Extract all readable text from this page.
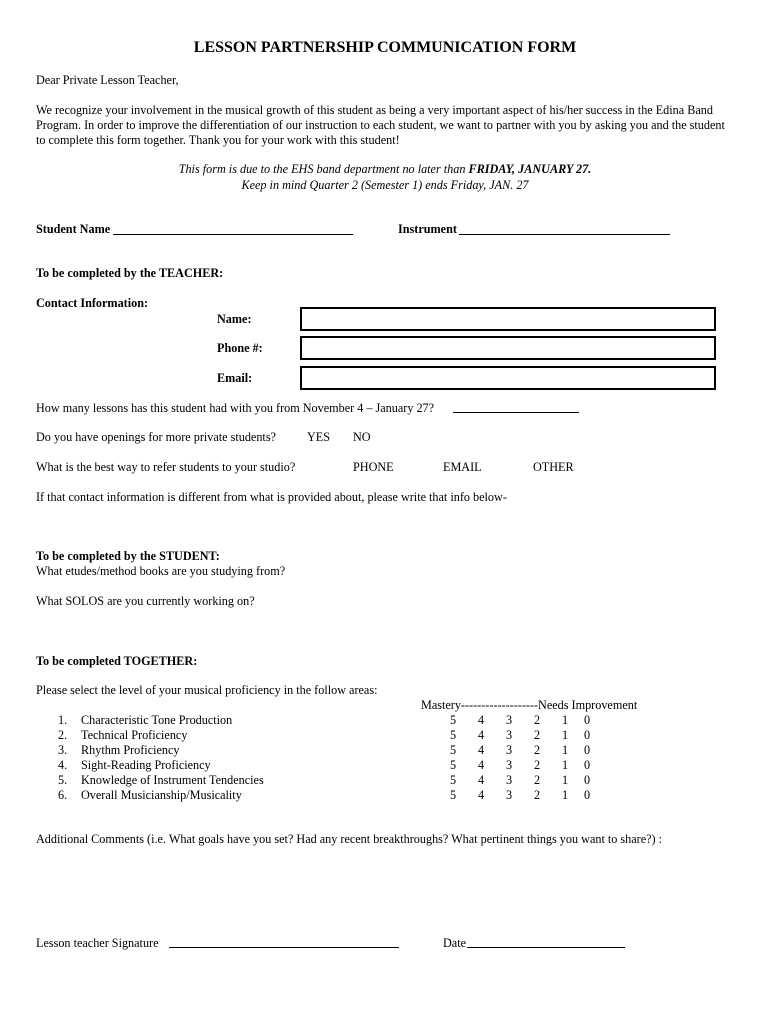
LESSON PARTNERSHIP COMMUNICATION FORM
Dear Private Lesson Teacher,
We recognize your involvement in the musical growth of this student as being a very important aspect of his/her success in the Edina Band Program. In order to improve the differentiation of our instruction to each student, we want to partner with you by asking you and the student to complete this form together. Thank you for your work with this student!
This form is due to the EHS band department no later than FRIDAY, JANUARY 27.
Keep in mind Quarter 2 (Semester 1) ends Friday, JAN. 27
Student Name	Instrument
To be completed by the TEACHER:
Contact Information:
Name:
Phone #:
Email:
How many lessons has this student had with you from November 4 – January 27?
Do you have openings for more private students?	YES NO
What is the best way to refer students to your studio?	PHONE	EMAIL	OTHER
If that contact information is different from what is provided about, please write that info below-
To be completed by the STUDENT:
What etudes/method books are you studying from?
What SOLOS are you currently working on?
To be completed TOGETHER:
Please select the level of your musical proficiency in the follow areas:
Mastery-------------------Needs Improvement
1. Characteristic Tone Production	5	4	3	2	1	0
2. Technical Proficiency	5	4	3	2	1	0
3. Rhythm Proficiency	5	4	3	2	1	0
4. Sight-Reading Proficiency	5	4	3	2	1	0
5. Knowledge of Instrument Tendencies	5	4	3	2	1	0
6. Overall Musicianship/Musicality	5	4	3	2	1	0
Additional Comments (i.e. What goals have you set? Had any recent breakthroughs? What pertinent things you want to share?) :
Lesson teacher Signature	Date
